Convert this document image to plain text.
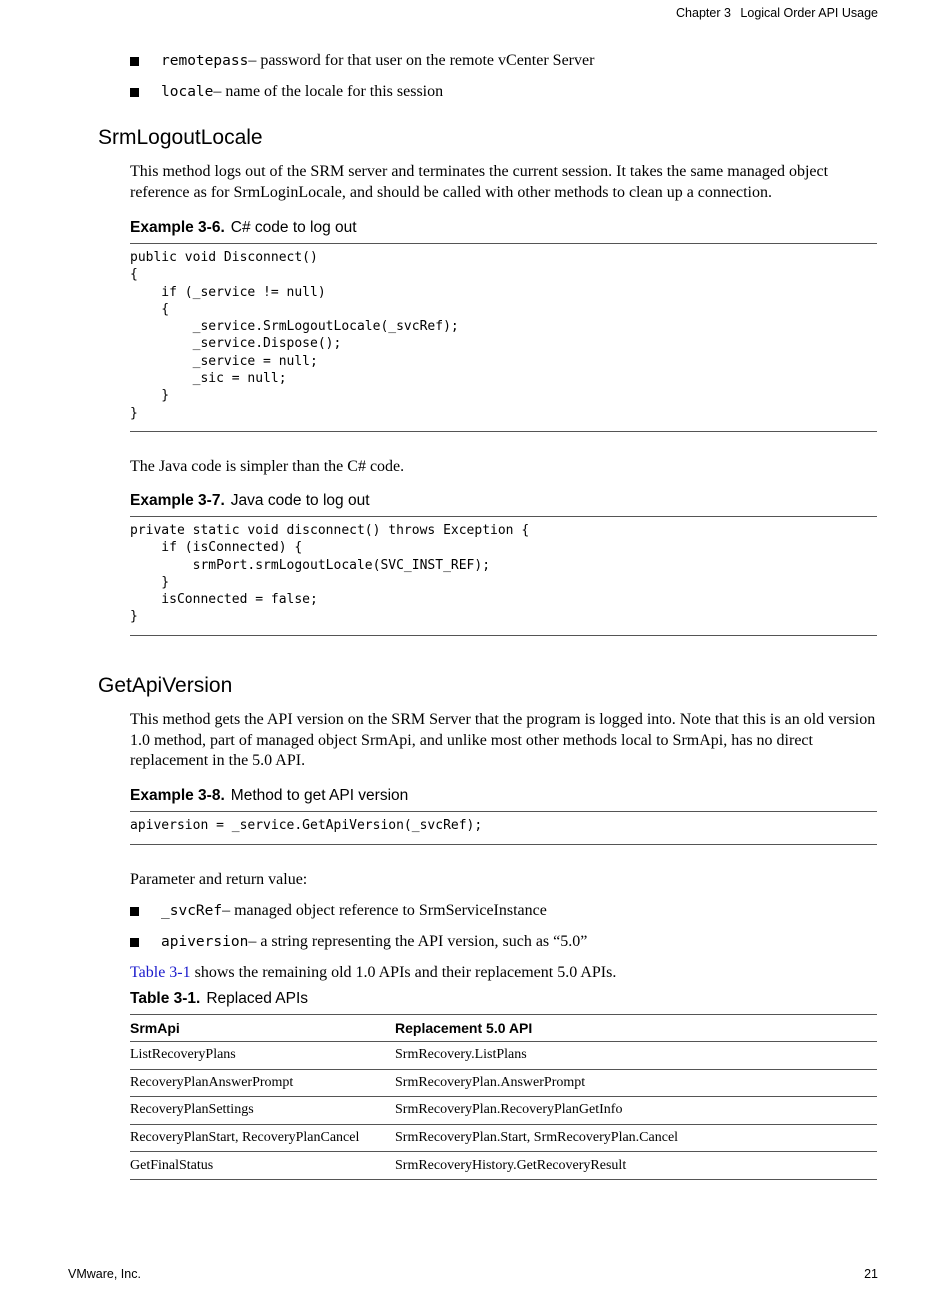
Chapter 3 Logical Order API Usage
remotepass – password for that user on the remote vCenter Server
locale – name of the locale for this session
SrmLogoutLocale

This method logs out of the SRM server and terminates the current session. It takes the same managed object reference as for SrmLoginLocale, and should be called with other methods to clean up a connection.

Example 3-6. C# code to log out
public void Disconnect()
{
if (_service != null)
{
_service.SrmLogoutLocale(_svcRef);
_service.Dispose();
_service = null;
_sic = null;
}
}

The Java code is simpler than the C# code.

Example 3-7. Java code to log out
private static void disconnect() throws Exception {
if (isConnected) {
srmPort.srmLogoutLocale(SVC_INST_REF);
}
isConnected = false;
}
GetApiVersion

This method gets the API version on the SRM Server that the program is logged into. Note that this is an old version 1.0 method, part of managed object SrmApi, and unlike most other methods local to SrmApi, has no direct replacement in the 5.0 API.

Example 3-8. Method to get API version
apiversion = _service.GetApiVersion(_svcRef);

Parameter and return value:

_svcRef – managed object reference to SrmServiceInstance
apiversion – a string representing the API version, such as “5.0”

Table 3-1 shows the remaining old 1.0 APIs and their replacement 5.0 APIs.

Table 3-1. Replaced APIs
SrmApi	Replacement 5.0 API
ListRecoveryPlans	SrmRecovery.ListPlans
RecoveryPlanAnswerPrompt	SrmRecoveryPlan.AnswerPrompt
RecoveryPlanSettings	SrmRecoveryPlan.RecoveryPlanGetInfo
RecoveryPlanStart, RecoveryPlanCancel	SrmRecoveryPlan.Start, SrmRecoveryPlan.Cancel
GetFinalStatus	SrmRecoveryHistory.GetRecoveryResult
VMware, Inc.	21
